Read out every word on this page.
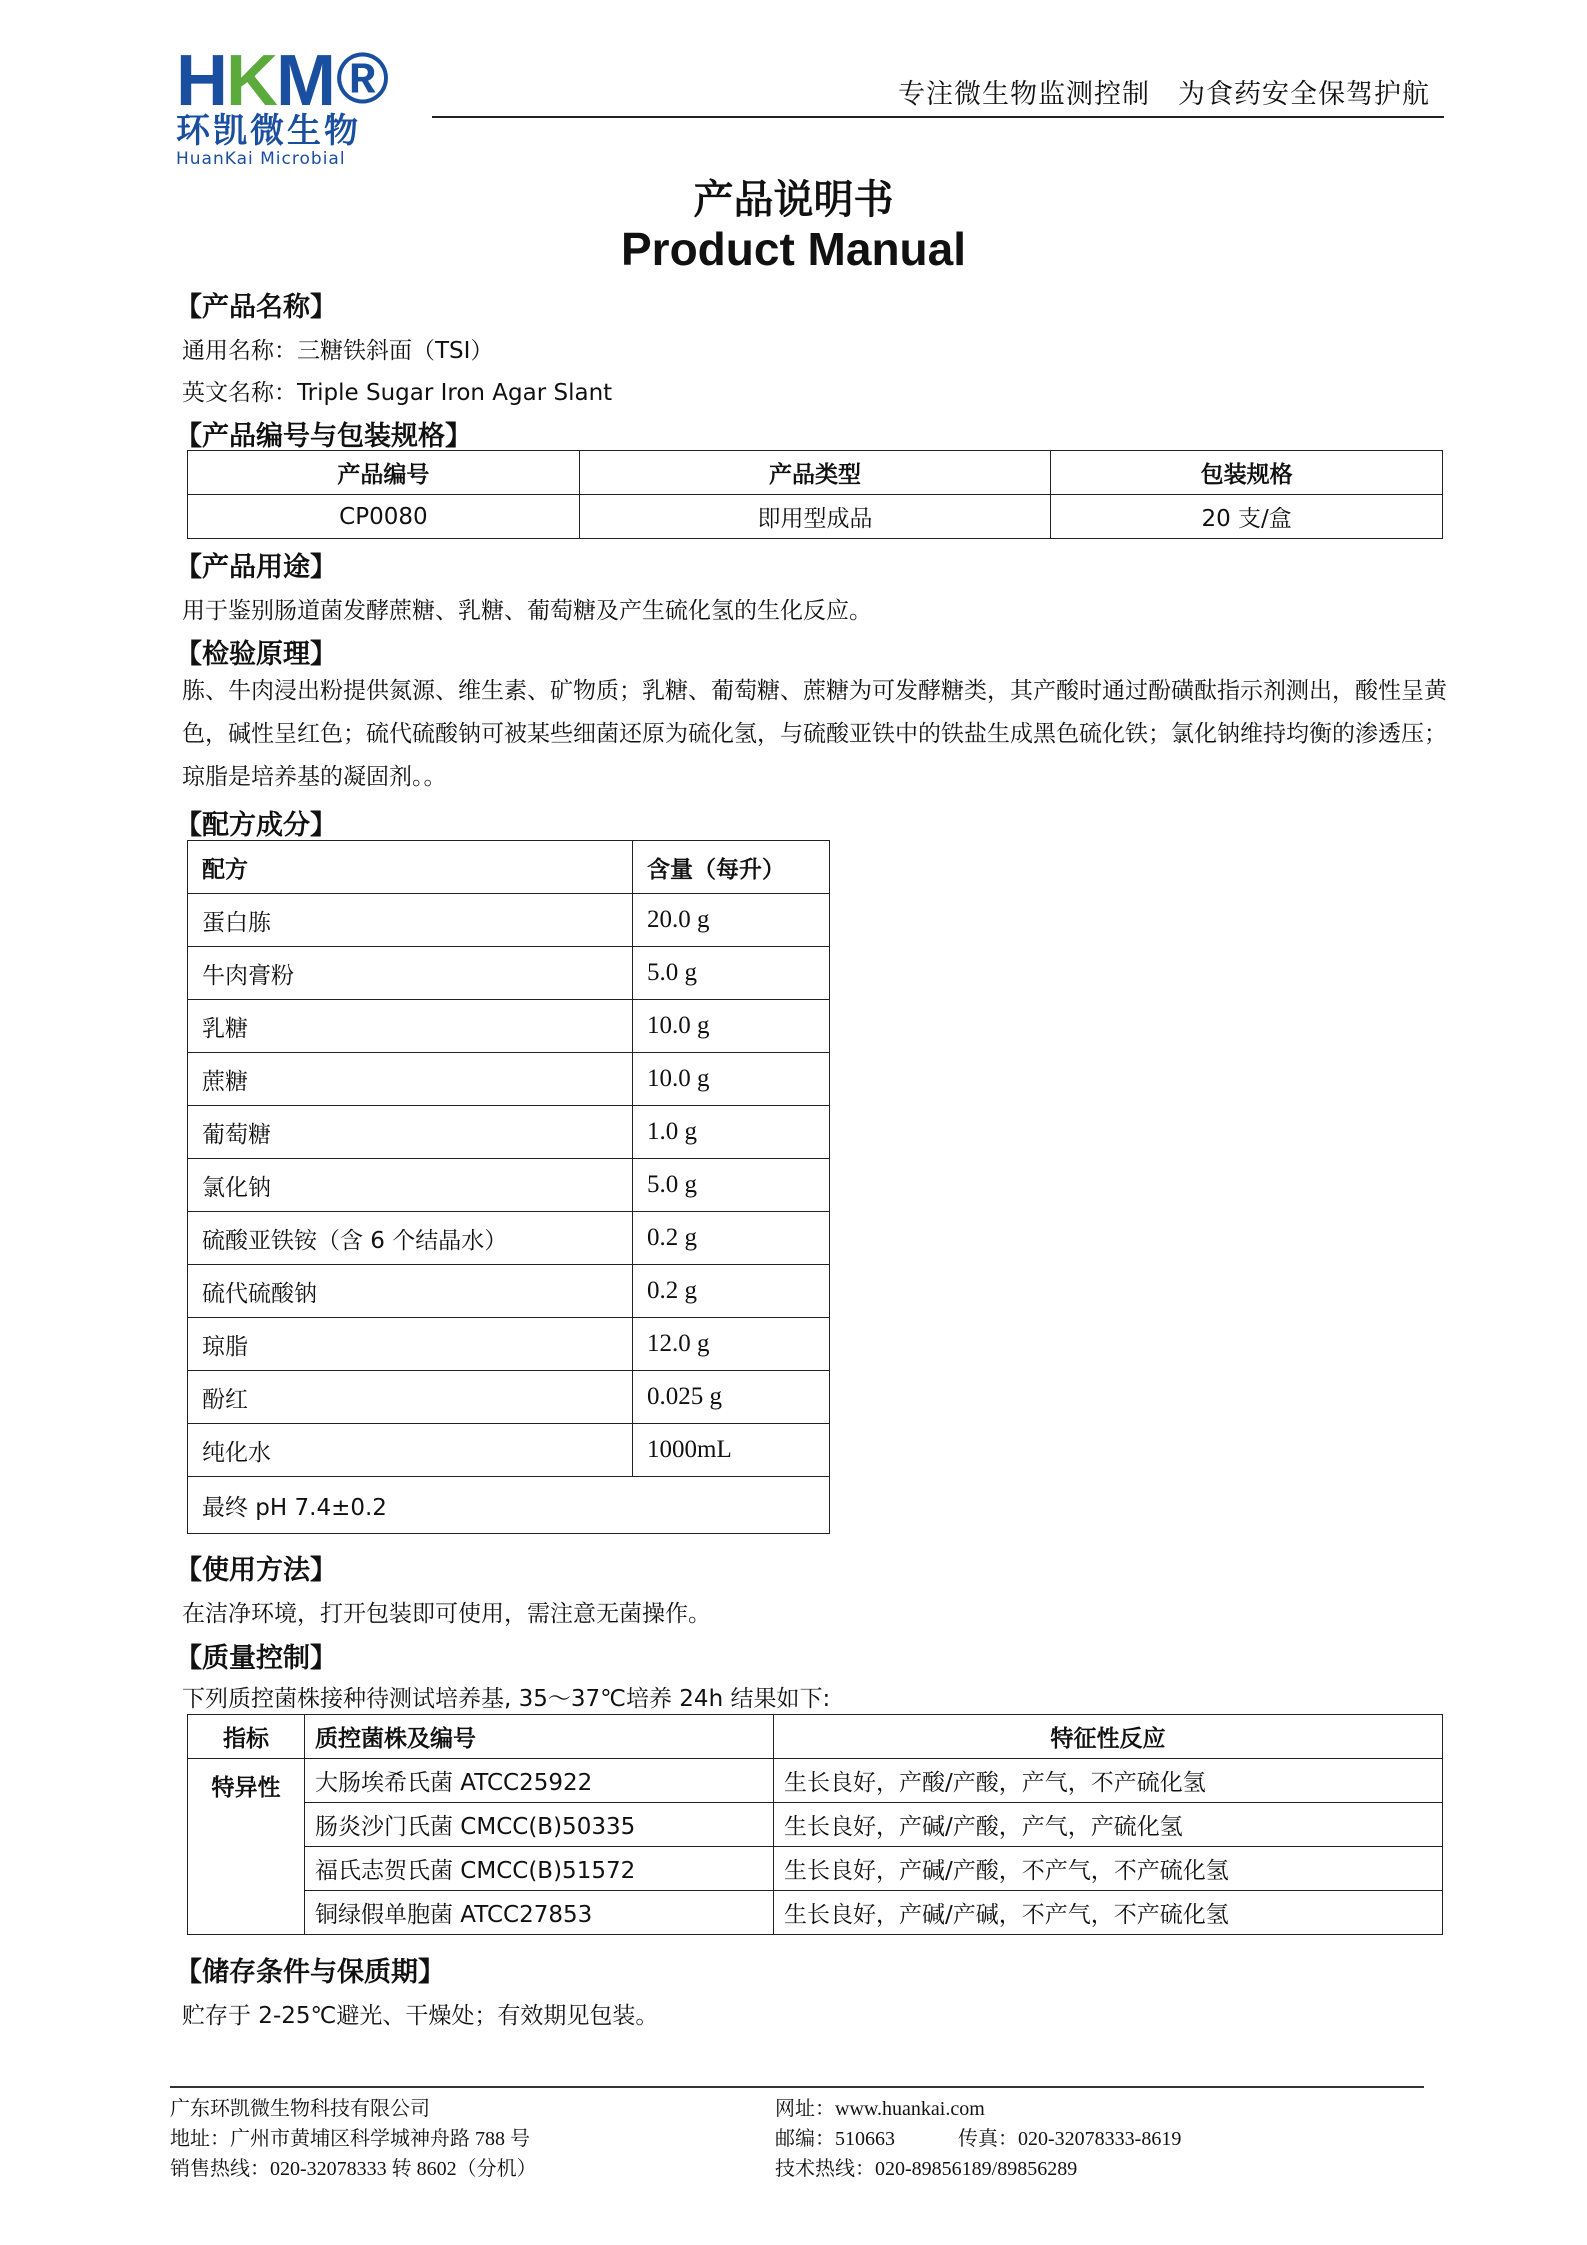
H K M ®
环凯微生物
HuanKai Microbial
专注微生物监测控制　为食药安全保驾护航
产品说明书
Product Manual
【产品名称】
通用名称：三糖铁斜面（TSI）
英文名称：Triple Sugar Iron Agar Slant
【产品编号与包装规格】
产品编号	产品类型	包装规格
CP0080	即用型成品	20 支/盒
【产品用途】
用于鉴别肠道菌发酵蔗糖、乳糖、葡萄糖及产生硫化氢的生化反应。
【检验原理】
胨、牛肉浸出粉提供氮源、维生素、矿物质；乳糖、葡萄糖、蔗糖为可发酵糖类，其产酸时通过酚磺酞指示剂测出，酸性呈黄色，碱性呈红色；硫代硫酸钠可被某些细菌还原为硫化氢，与硫酸亚铁中的铁盐生成黑色硫化铁；氯化钠维持均衡的渗透压；琼脂是培养基的凝固剂。。
【配方成分】
配方	含量（每升）
蛋白胨	20.0 g
牛肉膏粉	5.0 g
乳糖	10.0 g
蔗糖	10.0 g
葡萄糖	1.0 g
氯化钠	5.0 g
硫酸亚铁铵（含 6 个结晶水）	0.2 g
硫代硫酸钠	0.2 g
琼脂	12.0 g
酚红	0.025 g
纯化水	1000mL
最终 pH 7.4±0.2	
【使用方法】
在洁净环境，打开包装即可使用，需注意无菌操作。
【质量控制】
下列质控菌株接种待测试培养基, 35～37℃培养 24h 结果如下:
指标	质控菌株及编号	特征性反应
特异性	大肠埃希氏菌 ATCC25922	生长良好，产酸/产酸，产气，不产硫化氢
	肠炎沙门氏菌 CMCC(B)50335	生长良好，产碱/产酸，产气，产硫化氢
	福氏志贺氏菌 CMCC(B)51572	生长良好，产碱/产酸，不产气，不产硫化氢
	铜绿假单胞菌 ATCC27853	生长良好，产碱/产碱，不产气，不产硫化氢
【储存条件与保质期】
贮存于 2-25℃避光、干燥处；有效期见包装。
广东环凯微生物科技有限公司
地址：广州市黄埔区科学城神舟路 788 号
销售热线：020-32078333 转 8602（分机）
网址：www.huankai.com
邮编：510663	传真：020-32078333-8619
技术热线：020-89856189/89856289
